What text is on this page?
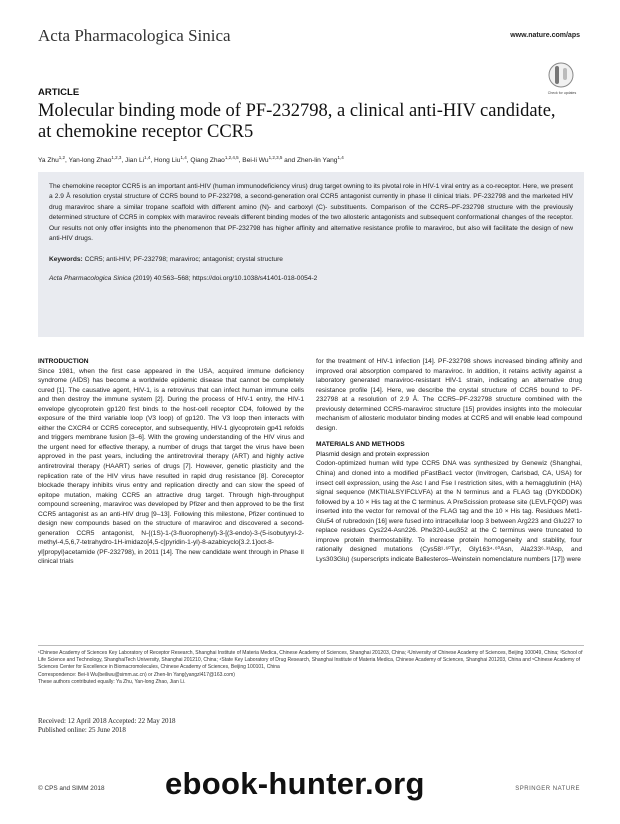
Acta Pharmacologica Sinica	www.nature.com/aps
Check for updates
ARTICLE
Molecular binding mode of PF-232798, a clinical anti-HIV candidate, at chemokine receptor CCR5
Ya Zhu$^{1,2}$, Yan-long Zhao$^{1,2,3}$, Jian Li$^{1,4}$, Hong Liu$^{1,4}$, Qiang Zhao$^{1,2,4,5}$, Bei-li Wu$^{1,2,3,5}$ and Zhen-lin Yang$^{1,4}$

The chemokine receptor CCR5 is an important anti-HIV (human immunodeficiency virus) drug target owning to its pivotal role in HIV-1 viral entry as a co-receptor. Here, we present a 2.9 Å resolution crystal structure of CCR5 bound to PF-232798, a second-generation oral CCR5 antagonist currently in phase II clinical trials. PF-232798 and the marketed HIV drug maraviroc share a similar tropane scaffold with different amino (N)- and carboxyl (C)- substituents. Comparison of the CCR5–PF-232798 structure with the previously determined structure of CCR5 in complex with maraviroc reveals different binding modes of the two allosteric antagonists and subsequent conformational changes of the receptor. Our results not only offer insights into the phenomenon that PF-232798 has higher affinity and alternative resistance profile to maraviroc, but also will facilitate the design of new anti-HIV drugs.

Keywords: CCR5; anti-HIV; PF-232798; maraviroc; antagonist; crystal structure

Acta Pharmacologica Sinica (2019) 40:563–568; https://doi.org/10.1038/s41401-018-0054-2

INTRODUCTION

Since 1981, when the first case appeared in the USA, acquired immune deficiency syndrome (AIDS) has become a worldwide epidemic disease that cannot be completely cured [1]. The causative agent, HIV-1, is a retrovirus that can infect human immune cells and then destroy the immune system [2]. During the process of HIV-1 entry, the HIV-1 envelope glycoprotein gp120 first binds to the host-cell receptor CD4, followed by the exposure of the third variable loop (V3 loop) of gp120. The V3 loop then interacts with either the CXCR4 or CCR5 coreceptor, and subsequently, HIV-1 glycoprotein gp41 refolds and triggers membrane fusion [3–6]. With the growing understanding of the HIV virus and the urgent need for effective therapy, a number of drugs that target the virus have been approved in the past years, including the antiretroviral therapy (ART) and highly active antiretroviral therapy (HAART) series of drugs [7]. However, genetic plasticity and the replication rate of the HIV virus have resulted in rapid drug resistance [8]. Coreceptor blockade therapy inhibits virus entry and replication directly and can slow the speed of epitope mutation, making CCR5 an attractive drug target. Through high-throughput compound screening, maraviroc was developed by Pfizer and then approved to be the first CCR5 antagonist as an anti-HIV drug [9–13]. Following this milestone, Pfizer continued to design new compounds based on the structure of maraviroc and discovered a second-generation CCR5 antagonist, N-{(1S)-1-(3-fluorophenyl)-3-[(3-endo)-3-(5-isobutyryl-2-methyl-4,5,6,7-tetrahydro-1H-imidazo[4,5-c]pyridin-1-yl)-8-azabicyclo[3.2.1]oct-8-yl]propyl}acetamide (PF-232798), in 2011 [14]. The new candidate went through in Phase II clinical trials

for the treatment of HIV-1 infection [14]. PF-232798 shows increased binding affinity and improved oral absorption compared to maraviroc. In addition, it retains activity against a laboratory generated maraviroc-resistant HIV-1 strain, indicating an alternative drug resistance profile [14]. Here, we describe the crystal structure of CCR5 bound to PF-232798 at a resolution of 2.9 Å. The CCR5–PF-232798 structure combined with the previously determined CCR5-maraviroc structure [15] provides insights into the molecular mechanism of allosteric modulator binding modes at CCR5 and will enable lead compound design.

MATERIALS AND METHODS
Plasmid design and protein expression

Codon-optimized human wild type CCR5 DNA was synthesized by Genewiz (Shanghai, China) and cloned into a modified pFastBac1 vector (Invitrogen, Carlsbad, CA, USA) for insect cell expression, using the Asc I and Fse I restriction sites, with a hemagglutinin (HA) signal sequence (MKTIIALSYIFCLVFA) at the N terminus and a FLAG tag (DYKDDDK) followed by a 10 × His tag at the C terminus. A PreScission protease site (LEVLFQGP) was inserted into the vector for removal of the FLAG tag and the 10 × His tag. Residues Met1-Glu54 of rubredoxin [16] were fused into intracellular loop 3 between Arg223 and Glu227 to replace residues Cys224-Asn226. Phe320-Leu352 at the C terminus were truncated to improve protein thermostability. To increase protein homogeneity and stability, four rationally designed mutations (Cys58¹·⁶⁰Tyr, Gly163⁴·⁶⁰Asn, Ala233⁶·³³Asp, and Lys303Glu) (superscripts indicate Ballesteros–Weinstein nomenclature numbers [17]) were

¹Chinese Academy of Sciences Key Laboratory of Receptor Research, Shanghai Institute of Materia Medica, Chinese Academy of Sciences, Shanghai 201203, China; ²University of Chinese Academy of Sciences, Beijing 100049, China; ³School of Life Science and Technology, ShanghaiTech University, Shanghai 201210, China; ⁴State Key Laboratory of Drug Research, Shanghai Institute of Materia Medica, Chinese Academy of Sciences, Shanghai 201203, China and ⁵Chinese Academy of Sciences Center for Excellence in Biomacromolecules, Chinese Academy of Sciences, Beijing 100101, China

Correspondence: Bei-li Wu(beiliwu@simm.ac.cn) or Zhen-lin Yang(yangzl417@163.com)

These authors contributed equally: Ya Zhu, Yan-long Zhao, Jian Li.

Received: 12 April 2018 Accepted: 22 May 2018

Published online: 25 June 2018

© CPS and SIMM 2018 ebook-hunter.org	SPRINGER NATURE
